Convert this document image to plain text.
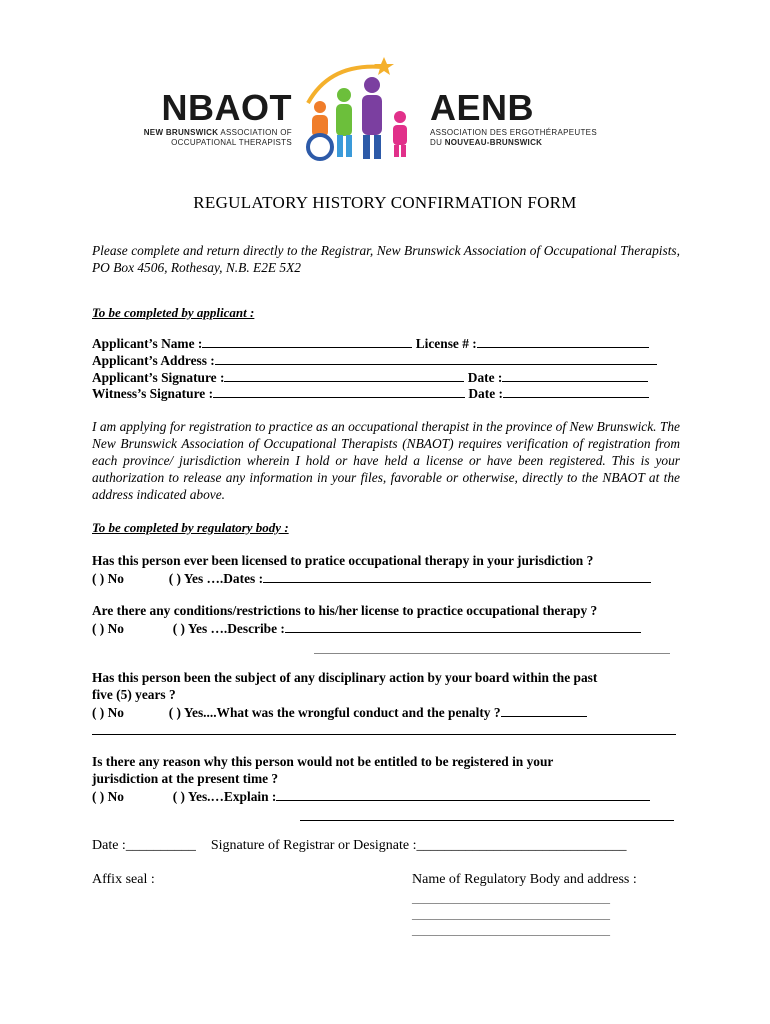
NBAOT
NEW BRUNSWICK ASSOCIATION OF
OCCUPATIONAL THERAPISTS
AENB
ASSOCIATION DES ERGOTHÉRAPEUTES
DU NOUVEAU-BRUNSWICK
REGULATORY HISTORY CONFIRMATION FORM
Please complete and return directly to the Registrar, New Brunswick Association of Occupational Therapists, PO Box 4506, Rothesay, N.B. E2E 5X2
To be completed by applicant :
Applicant’s Name :	License # :
Applicant’s Address :
Applicant’s Signature :	Date :
Witness’s Signature :	Date :
I am applying for registration to practice as an occupational therapist in the province of New Brunswick. The New Brunswick Association of Occupational Therapists (NBAOT) requires verification of registration from each province/ jurisdiction wherein I hold or have held a license or have been registered. This is your authorization to release any information in your files, favorable or otherwise, directly to the NBAOT at the address indicated above.
To be completed by regulatory body :
Has this person ever been licensed to pratice occupational therapy in your jurisdiction ?
( ) No	( ) Yes ….Dates :
Are there any conditions/restrictions to his/her license to practice occupational therapy ?
( ) No	( ) Yes ….Describe :
Has this person been the subject of any disciplinary action by your board within the past
five (5) years ?
( ) No	( ) Yes....What was the wrongful conduct and the penalty ?
Is there any reason why this person would not be entitled to be registered in your
jurisdiction at the present time ?
( ) No	( ) Yes.…Explain :
Date :__________ Signature of Registrar or Designate :______________________________
Affix seal :	Name of Regulatory Body and address :
_________________________________
_________________________________
_________________________________
